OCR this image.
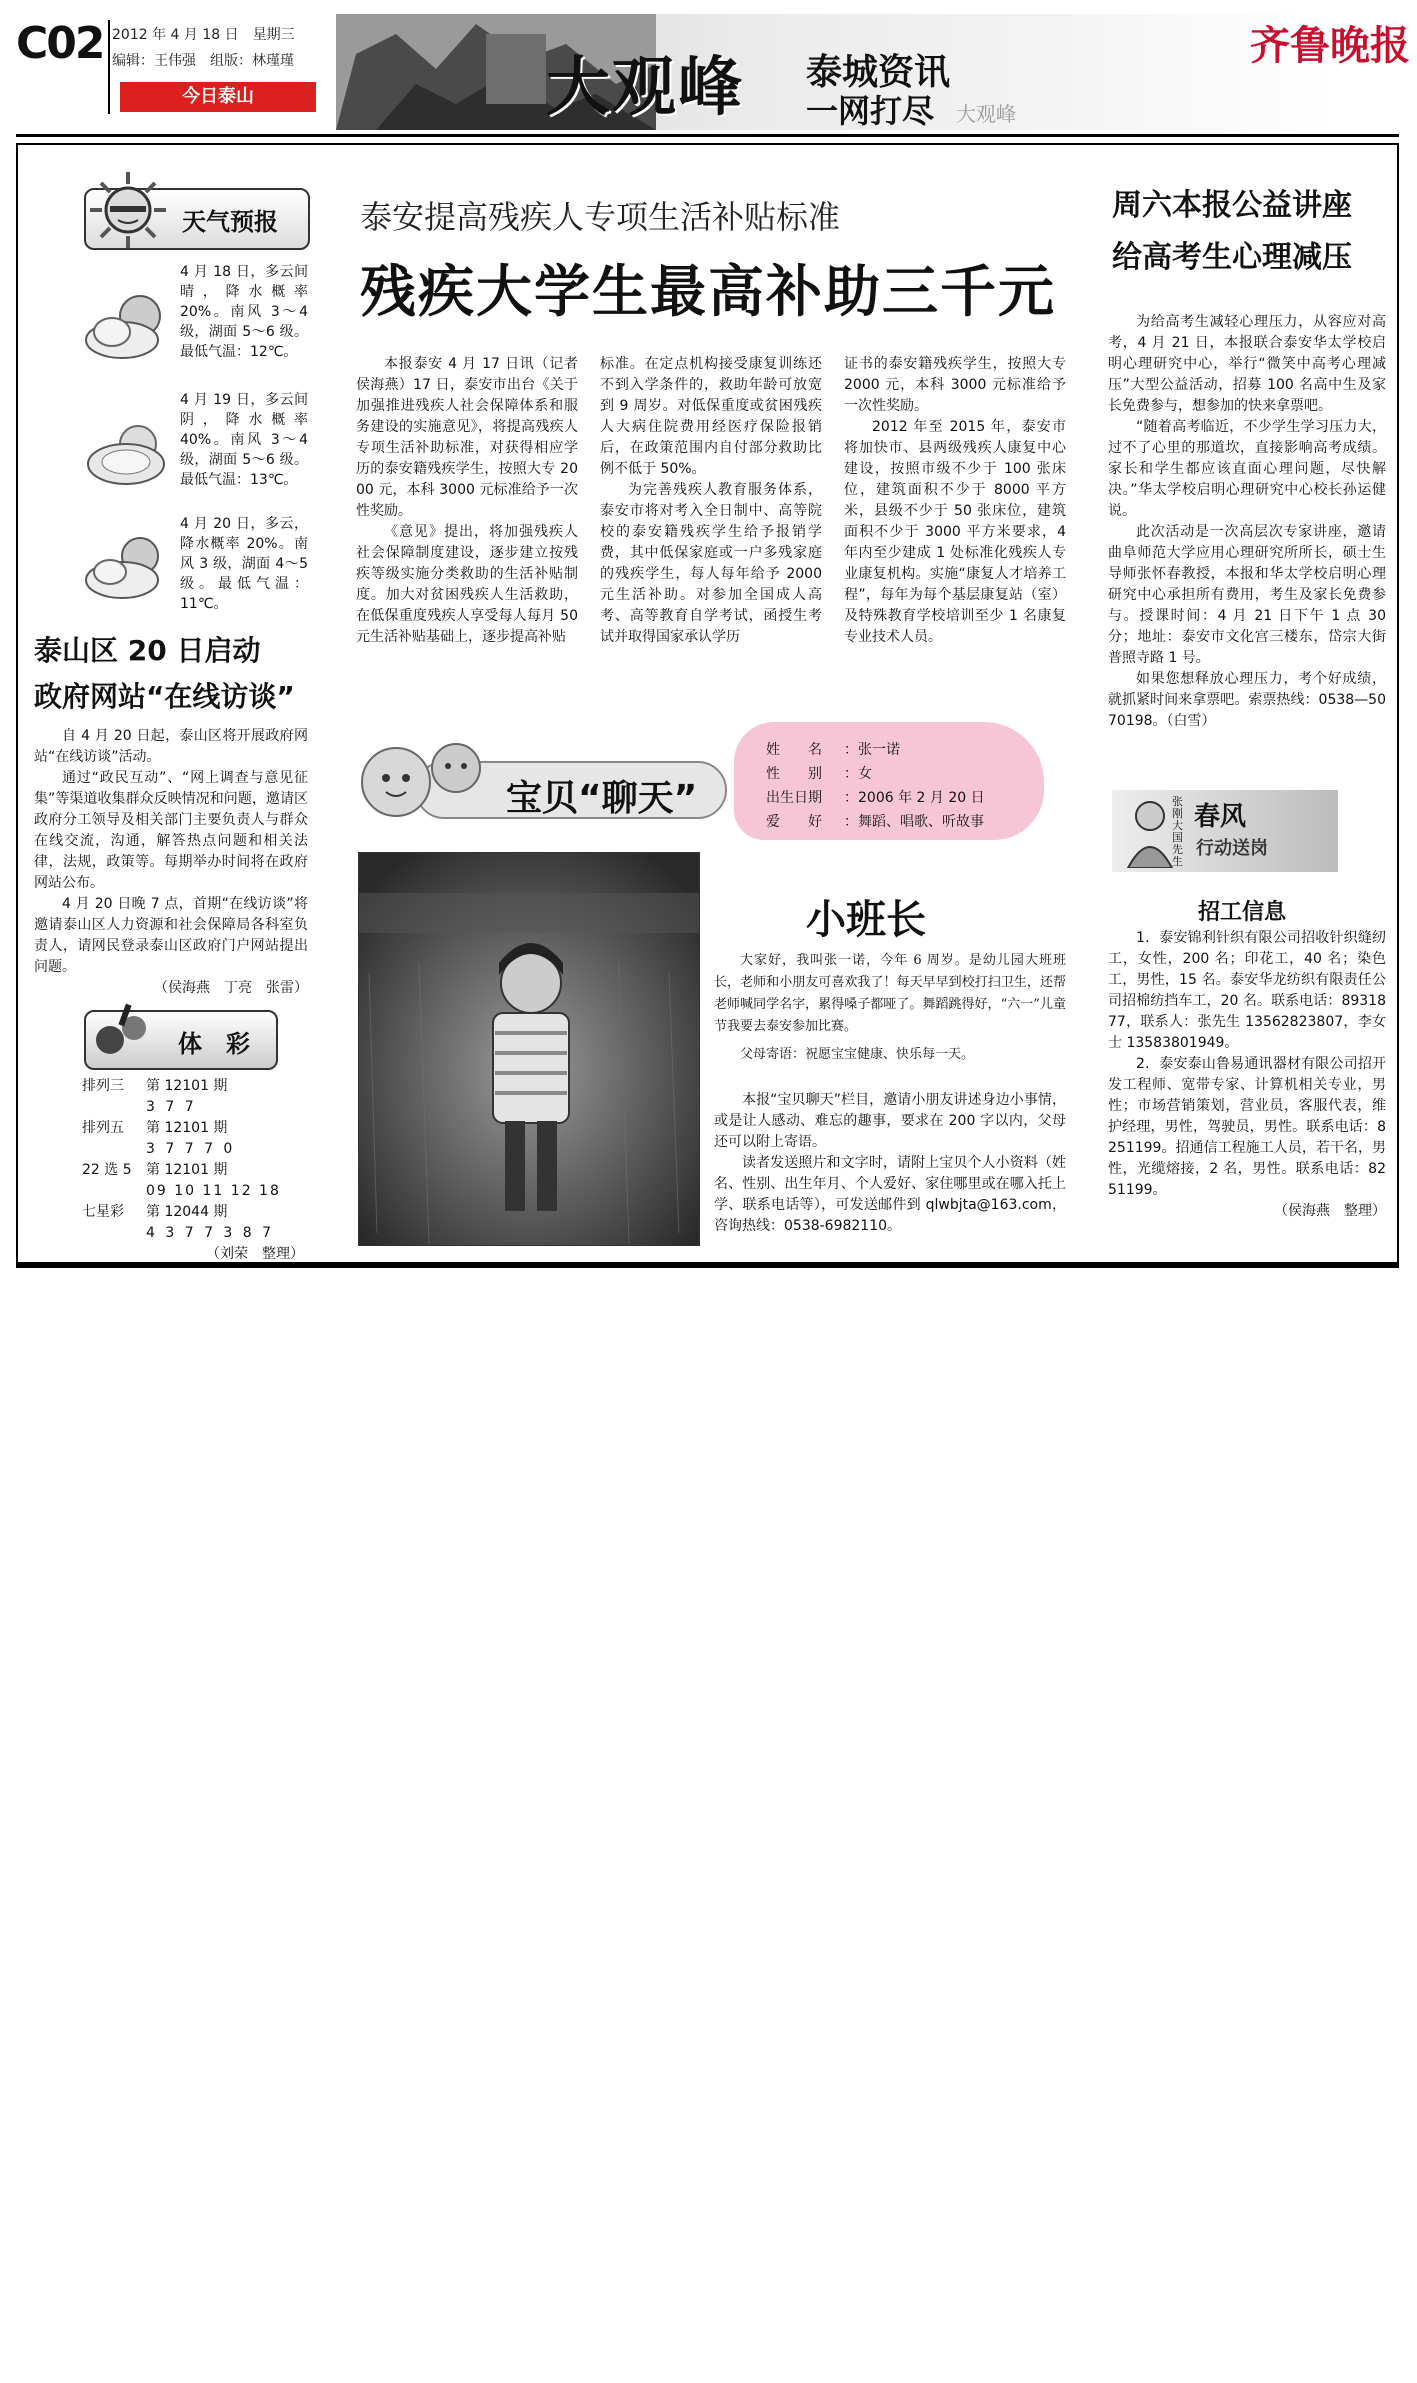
C02 2012 年 4 月 18 日　星期三
编辑：王伟强　组版：林瑾瑾
今日泰山	大观峰 泰城资讯
一网打尽 大观峰
齐鲁晚报
天气预报
4 月 18 日，多云间晴，降水概率 20%。南风 3～4 级，湖面 5～6 级。最低气温：12℃。
4 月 19 日，多云间阴，降水概率 40%。南风 3～4 级，湖面 5～6 级。最低气温：13℃。
4 月 20 日，多云，降水概率 20%。南风 3 级，湖面 4～5 级。最低气温：11℃。
泰山区 20 日启动
政府网站“在线访谈”

自 4 月 20 日起，泰山区将开展政府网站“在线访谈”活动。

通过“政民互动”、“网上调查与意见征集”等渠道收集群众反映情况和问题，邀请区政府分工领导及相关部门主要负责人与群众在线交流，沟通，解答热点问题和相关法律，法规，政策等。每期举办时间将在政府网站公布。

4 月 20 日晚 7 点，首期“在线访谈”将邀请泰山区人力资源和社会保障局各科室负责人，请网民登录泰山区政府门户网站提出问题。

（侯海燕　丁亮　张雷）
体　彩
排列三 第 12101 期
3 7 7
排列五 第 12101 期
3 7 7 7 0
22 选 5 第 12101 期
09 10 11 12 18
七星彩 第 12044 期
4 3 7 7 3 8 7
（刘荣　整理）
泰安提高残疾人专项生活补贴标准
残疾大学生最高补助三千元

本报泰安 4 月 17 日讯（记者　侯海燕）17 日，泰安市出台《关于加强推进残疾人社会保障体系和服务建设的实施意见》，将提高残疾人专项生活补助标准，对获得相应学历的泰安籍残疾学生，按照大专 2000 元，本科 3000 元标准给予一次性奖励。

《意见》提出，将加强残疾人社会保障制度建设，逐步建立按残疾等级实施分类救助的生活补贴制度。加大对贫困残疾人生活救助，在低保重度残疾人享受每人每月 50 元生活补贴基础上，逐步提高补贴

标准。在定点机构接受康复训练还不到入学条件的，救助年龄可放宽到 9 周岁。对低保重度或贫困残疾人大病住院费用经医疗保险报销后，在政策范围内自付部分救助比例不低于 50%。

为完善残疾人教育服务体系，泰安市将对考入全日制中、高等院校的泰安籍残疾学生给予报销学费，其中低保家庭或一户多残家庭的残疾学生，每人每年给予 2000 元生活补助。对参加全国成人高考、高等教育自学考试，函授生考试并取得国家承认学历

证书的泰安籍残疾学生，按照大专 2000 元，本科 3000 元标准给予一次性奖励。

2012 年至 2015 年，泰安市将加快市、县两级残疾人康复中心建设，按照市级不少于 100 张床位，建筑面积不少于 8000 平方米，县级不少于 50 张床位，建筑面积不少于 3000 平方米要求，4 年内至少建成 1 处标准化残疾人专业康复机构。实施“康复人才培养工程”，每年为每个基层康复站（室）及特殊教育学校培训至少 1 名康复专业技术人员。

宝贝“聊天”
姓　　名 ：张一诺
性　　别 ：女
出生日期 ：2006 年 2 月 20 日
爱　　好 ：舞蹈、唱歌、听故事
小班长

大家好，我叫张一诺，今年 6 周岁。是幼儿园大班班长，老师和小朋友可喜欢我了！每天早早到校打扫卫生，还帮老师喊同学名字，累得嗓子都哑了。舞蹈跳得好，“六一”儿童节我要去泰安参加比赛。

父母寄语：祝愿宝宝健康、快乐每一天。

本报“宝贝聊天”栏目，邀请小朋友讲述身边小事情，或是让人感动、难忘的趣事，要求在 200 字以内，父母还可以附上寄语。

读者发送照片和文字时，请附上宝贝个人小资料（姓名、性别、出生年月、个人爱好、家住哪里或在哪入托上学、联系电话等），可发送邮件到 qlwbjta@163.com，咨询热线：0538-6982110。

周六本报公益讲座
给高考生心理减压

为给高考生减轻心理压力，从容应对高考，4 月 21 日，本报联合泰安华太学校启明心理研究中心，举行“微笑中高考心理减压”大型公益活动，招募 100 名高中生及家长免费参与，想参加的快来拿票吧。

“随着高考临近，不少学生学习压力大，过不了心里的那道坎，直接影响高考成绩。家长和学生都应该直面心理问题，尽快解决。”华太学校启明心理研究中心校长孙运健说。

此次活动是一次高层次专家讲座，邀请曲阜师范大学应用心理研究所所长，硕士生导师张怀春教授，本报和华太学校启明心理研究中心承担所有费用，考生及家长免费参与。授课时间：4 月 21 日下午 1 点 30 分；地址：泰安市文化宫三楼东，岱宗大街普照寺路 1 号。

如果您想释放心理压力，考个好成绩，就抓紧时间来拿票吧。索票热线：0538—5070198。（白雪）

张刚大国先生
春风
行动送岗
招工信息

1．泰安锦利针织有限公司招收针织缝纫工，女性，200 名；印花工，40 名；染色工，男性，15 名。泰安华龙纺织有限责任公司招棉纺挡车工，20 名。联系电话：8931877，联系人：张先生 13562823807，李女士 13583801949。

2．泰安泰山鲁易通讯器材有限公司招开发工程师、宽带专家、计算机相关专业，男性；市场营销策划，营业员，客服代表，维护经理，男性，驾驶员，男性。联系电话：8251199。招通信工程施工人员，若干名，男性，光缆熔接，2 名，男性。联系电话：8251199。

（侯海燕　整理）
